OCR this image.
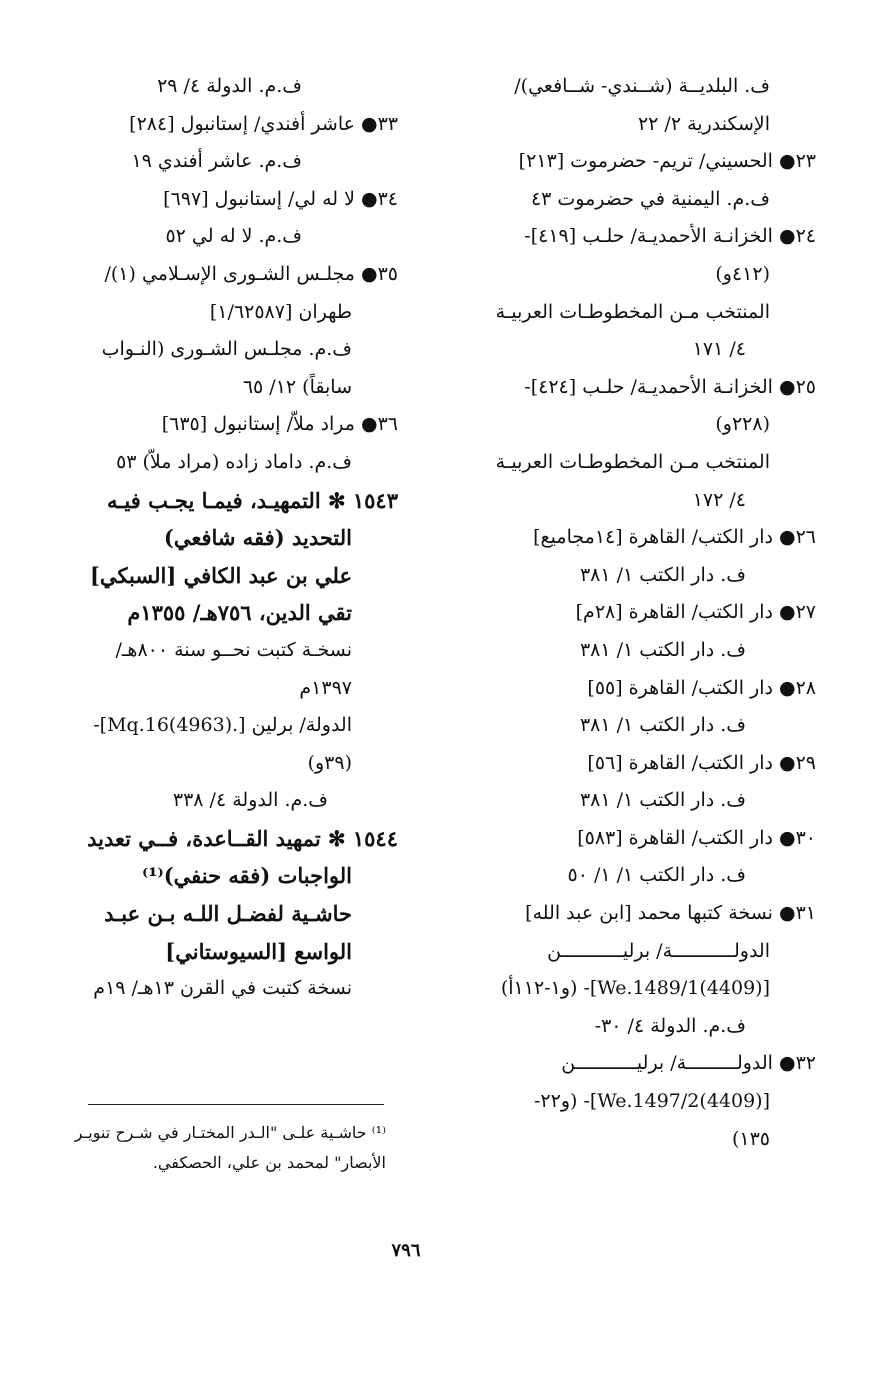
ف. البلديــة (شــندي- شــافعي)/
الإسكندرية ٢/ ٢٢
٢٣● الحسيني/ تريم- حضرموت [٢١٣]
ف.م. اليمنية في حضرموت ٤٣
٢٤● الخزانـة الأحمديـة/ حلـب [٤١٩]-
(٤١٢و)
المنتخب مـن المخطوطـات العربيـة
٤/ ١٧١
٢٥● الخزانـة الأحمديـة/ حلـب [٤٢٤]-
(٢٢٨و)
المنتخب مـن المخطوطـات العربيـة
٤/ ١٧٢
٢٦● دار الكتب/ القاهرة [١٤مجاميع]
ف. دار الكتب ١/ ٣٨١
٢٧● دار الكتب/ القاهرة [٢٨م]
ف. دار الكتب ١/ ٣٨١
٢٨● دار الكتب/ القاهرة [٥٥]
ف. دار الكتب ١/ ٣٨١
٢٩● دار الكتب/ القاهرة [٥٦]
ف. دار الكتب ١/ ٣٨١
٣٠● دار الكتب/ القاهرة [٥٨٣]
ف. دار الكتب ١/ ١/ ٥٠
٣١● نسخة كتبها محمد [ابن عبد الله]
الدولـــــــــــة/ برليـــــــــــن
[(4409)We.1489/1]- (و١-١١٢أ)
ف.م. الدولة ٤/ ٣٠-
٣٢● الدولـــــــــة/ برليـــــــــــن
[(4409)We.1497/2]- (و٢٢-
١٣٥)
ف.م. الدولة ٤/ ٢٩
٣٣● عاشر أفندي/ إستانبول [٢٨٤]
ف.م. عاشر أفندي ١٩
٣٤● لا له لي/ إستانبول [٦٩٧]
ف.م. لا له لي ٥٢
٣٥● مجلـس الشـورى الإسـلامي (١)/
طهران [١/٦٢٥٨٧]
ف.م. مجلـس الشـورى (النـواب
سابقاً) ١٢/ ٦٥
٣٦● مراد ملاّ/ إستانبول [٦٣٥]
ف.م. داماد زاده (مراد ملاّ) ٥٣
١٥٤٣ ✻ التمهيـد، فيمـا يجـب فيـه
التحديد (فقه شافعي)
علي بن عبد الكافي [السبكي]
تقي الدين، ٧٥٦هـ/ ١٣٥٥م
نسخـة كتبت نحــو سنة ٨٠٠هـ/
١٣٩٧م
الدولة/ برلين [.Mq.16(4963)]-
(٣٩و)
ف.م. الدولة ٤/ ٣٣٨
١٥٤٤ ✻ تمهيد القــاعدة، فــي تعديد
الواجبات (فقه حنفي)⁽¹⁾
حاشـية لفضـل اللـه بـن عبـد
الواسع [السيوستاني]
نسخة كتبت في القرن ١٣هـ/ ١٩م
⁽¹⁾ حاشـية علـى "الـدر المختـار في شـرح تنويـر
الأبصار" لمحمد بن علي، الحصكفي.
٧٩٦
